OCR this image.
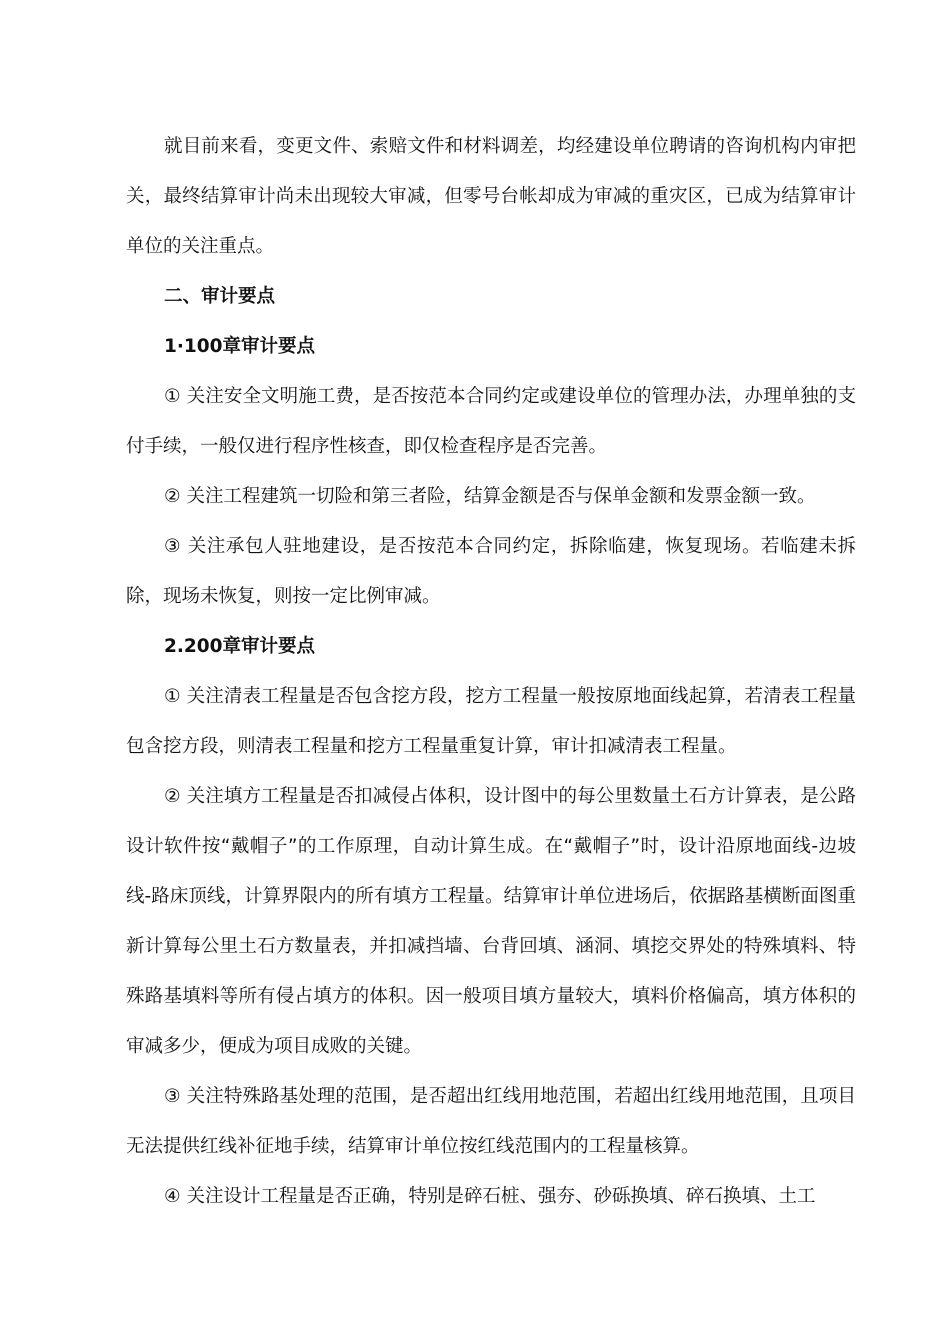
就目前来看，变更文件、索赔文件和材料调差，均经建设单位聘请的咨询机构内审把关，最终结算审计尚未出现较大审减，但零号台帐却成为审减的重灾区，已成为结算审计单位的关注重点。

二、审计要点

1·100章审计要点

① 关注安全文明施工费，是否按范本合同约定或建设单位的管理办法，办理单独的支付手续，一般仅进行程序性核查，即仅检查程序是否完善。

② 关注工程建筑一切险和第三者险，结算金额是否与保单金额和发票金额一致。

③ 关注承包人驻地建设，是否按范本合同约定，拆除临建，恢复现场。若临建未拆除，现场未恢复，则按一定比例审减。

2.200章审计要点

① 关注清表工程量是否包含挖方段，挖方工程量一般按原地面线起算，若清表工程量包含挖方段，则清表工程量和挖方工程量重复计算，审计扣减清表工程量。

② 关注填方工程量是否扣减侵占体积，设计图中的每公里数量土石方计算表，是公路设计软件按“戴帽子”的工作原理，自动计算生成。在“戴帽子”时，设计沿原地面线-边坡线-路床顶线，计算界限内的所有填方工程量。结算审计单位进场后，依据路基横断面图重新计算每公里土石方数量表，并扣减挡墙、台背回填、涵洞、填挖交界处的特殊填料、特殊路基填料等所有侵占填方的体积。因一般项目填方量较大，填料价格偏高，填方体积的审减多少，便成为项目成败的关键。

③ 关注特殊路基处理的范围，是否超出红线用地范围，若超出红线用地范围，且项目无法提供红线补征地手续，结算审计单位按红线范围内的工程量核算。

④ 关注设计工程量是否正确，特别是碎石桩、强夯、砂砾换填、碎石换填、土工
